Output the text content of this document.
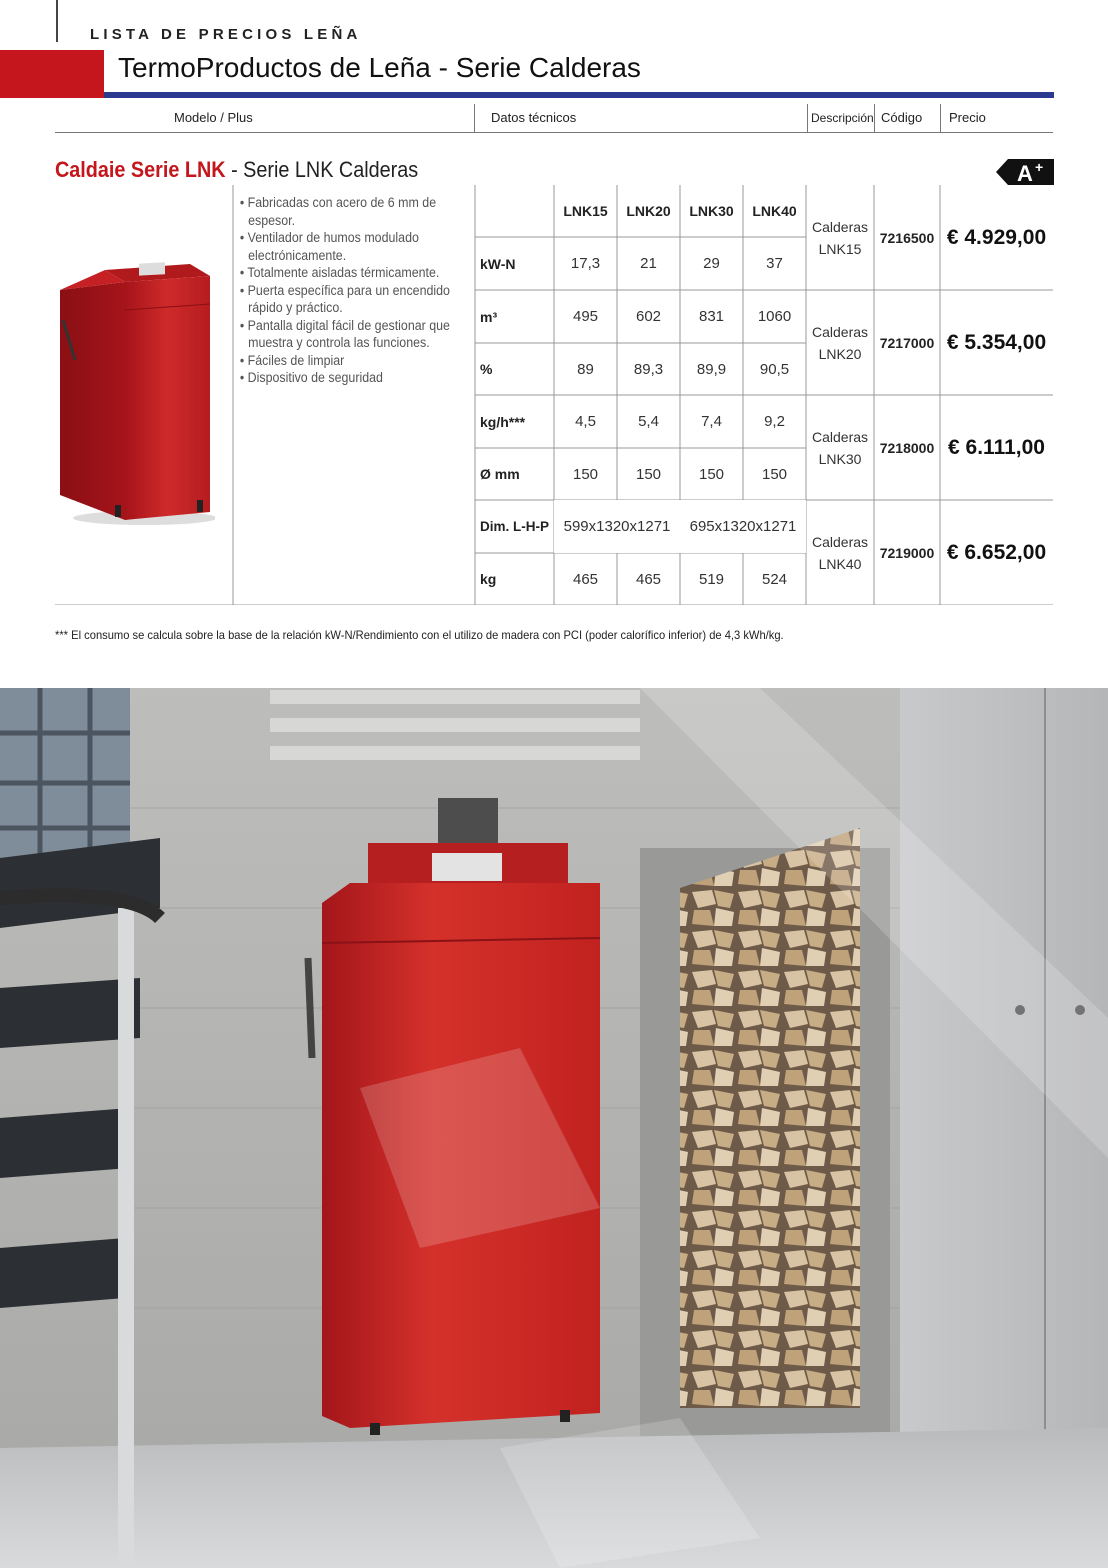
LISTA DE PRECIOS LEÑA
TermoProductos de Leña - Serie Calderas
Modelo / Plus	Datos técnicos	Descripción Código Precio
Caldaie Serie LNK - Serie LNK Calderas	A +
• Fabricadas con acero de 6 mm de espesor.
• Ventilador de humos modulado electrónicamente.
• Totalmente aisladas térmicamente.
• Puerta específica para un encendido rápido y práctico.
• Pantalla digital fácil de gestionar que muestra y controla las funciones.
• Fáciles de limpiar
• Dispositivo de seguridad
LNK15	LNK20	LNK30	LNK40
kW-N	17,3	21	29	37
m³	495	602	831	1060
%	89	89,3	89,9	90,5
kg/h***	4,5	5,4	7,4	9,2
Ø mm	150	150	150	150
Dim. L-H-P 599x1320x1271	695x1320x1271
kg	465	465	519	524
Calderas
LNK15
7216500 € 4.929,00
Calderas
LNK20
7217000 € 5.354,00
Calderas
LNK30
7218000 € 6.111,00
Calderas
LNK40
7219000 € 6.652,00
*** El consumo se calcula sobre la base de la relación kW-N/Rendimiento con el utilizo de madera con PCI (poder calorífico inferior) de 4,3 kWh/kg.
